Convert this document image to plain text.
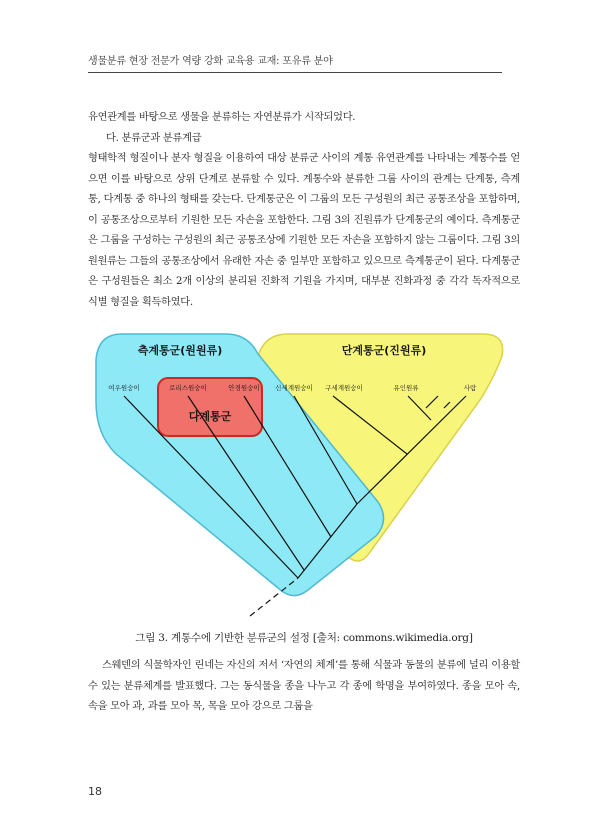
생물분류 현장 전문가 역량 강화 교육용 교재: 포유류 분야

유연관계를 바탕으로 생물을 분류하는 자연분류가 시작되었다.

다. 분류군과 분류계급

형태학적 형질이나 분자 형질을 이용하여 대상 분류군 사이의 계통 유연관계를 나타내는 계통수를 얻으면 이를 바탕으로 상위 단계로 분류할 수 있다. 계통수와 분류한 그룹 사이의 관계는 단계통, 측계통, 다계통 중 하나의 형태를 갖는다. 단계통군은 이 그룹의 모든 구성원의 최근 공통조상을 포함하며, 이 공통조상으로부터 기원한 모든 자손을 포함한다. 그림 3의 진원류가 단계통군의 예이다. 측계통군은 그룹을 구성하는 구성원의 최근 공통조상에 기원한 모든 자손을 포함하지 않는 그룹이다. 그림 3의 원원류는 그들의 공통조상에서 유래한 자손 중 일부만 포함하고 있으므로 측계통군이 된다. 다계통군은 구성원들은 최소 2개 이상의 분리된 진화적 기원을 가지며, 대부분 진화과정 중 각각 독자적으로 식별 형질을 획득하였다.

측계통군(원원류)	단계통군(진원류)
다계통군
여우원숭이	로리스원숭이	안경원숭이 신세계원숭이 구세계원숭이	유인원류	사람
그림 3. 계통수에 기반한 분류군의 설정 [출처: commons.wikimedia.org]

스웨덴의 식물학자인 린네는 자신의 저서 ‘자연의 체계’를 통해 식물과 동물의 분류에 널리 이용할 수 있는 분류체계를 발표했다. 그는 동식물을 종을 나누고 각 종에 학명을 부여하였다. 종을 모아 속, 속을 모아 과, 과를 모아 목, 목을 모아 강으로 그룹을

18
